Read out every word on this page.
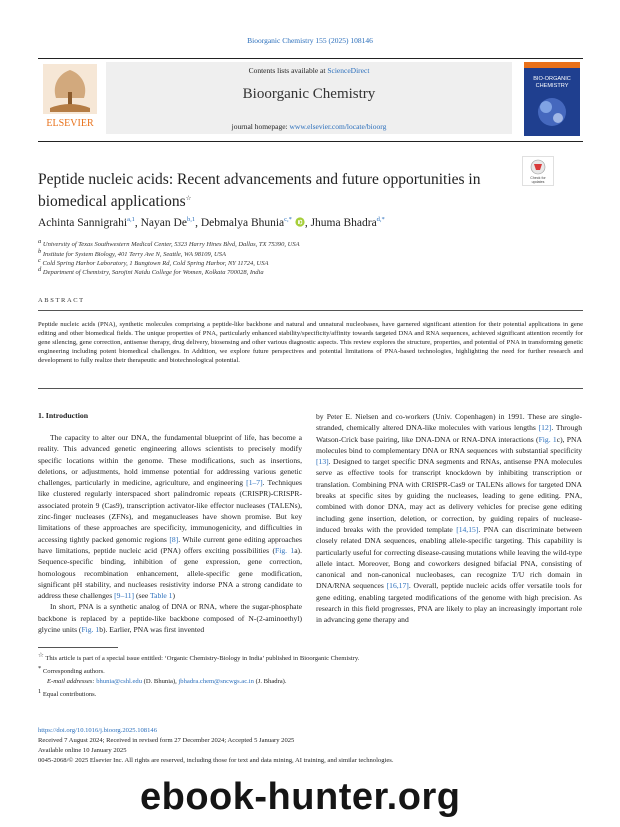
Bioorganic Chemistry 155 (2025) 108146
ELSEVIER
Contents lists available at ScienceDirect
Bioorganic Chemistry
journal homepage: www.elsevier.com/locate/bioorg
BIO-ORGANIC
CHEMISTRY
Peptide nucleic acids: Recent advancements and future opportunities in biomedical applications☆
Check for
updates
Achinta Sannigrahi$^{a,1}$, Nayan De$^{b,1}$, Debmalya Bhunia$^{c,*}$ , Jhuma Bhadra$^{d,*}$
$^a$ University of Texas Southwestern Medical Center, 5323 Harry Hines Blvd, Dallas, TX 75390, USA
$^b$ Institute for System Biology, 401 Terry Ave N, Seattle, WA 98109, USA
$^c$ Cold Spring Harbor Laboratory, 1 Bungtown Rd, Cold Spring Harbor, NY 11724, USA
$^d$ Department of Chemistry, Sarojini Naidu College for Women, Kolkata 700028, India
ABSTRACT
Peptide nucleic acids (PNA), synthetic molecules comprising a peptide-like backbone and natural and unnatural nucleobases, have garnered significant attention for their potential applications in gene editing and other biomedical fields. The unique properties of PNA, particularly enhanced stability/specificity/affinity towards targeted DNA and RNA sequences, achieved significant attention recently for gene silencing, gene correction, antisense therapy, drug delivery, biosensing and other various diagnostic aspects. This review explores the structure, properties, and potential of PNA in transforming genetic engineering including potent biomedical challenges. In Addition, we explore future perspectives and potential limitations of PNA-based technologies, highlighting the need for further research and development to fully realize their therapeutic and biotechnological potential.
1. Introduction

The capacity to alter our DNA, the fundamental blueprint of life, has become a reality. This advanced genetic engineering allows scientists to precisely modify specific locations within the genome. These modifications, such as insertions, deletions, or adjustments, hold immense potential for addressing various genetic challenges, particularly in medicine, agriculture, and engineering [1–7]. Techniques like clustered regularly interspaced short palindromic repeats (CRISPR)-CRISPR-associated protein 9 (Cas9), transcription activator-like effector nucleases (TALENs), zinc-finger nucleases (ZFNs), and meganucleases have shown promise. But key limitations of these approaches are specificity, immunogenicity, and difficulties in accessing tightly packed genomic regions [8]. While current gene editing approaches have limitations, peptide nucleic acid (PNA) offers exciting possibilities (Fig. 1a). Sequence-specific binding, inhibition of gene expression, gene correction, homologous recombination enhancement, allele-specific gene modification, significant pH stability, and nucleases resistivity indorse PNA a strong candidate to address these challenges [9–11] (see Table 1)

In short, PNA is a synthetic analog of DNA or RNA, where the sugar-phosphate backbone is replaced by a peptide-like backbone composed of N-(2-aminoethyl) glycine units (Fig. 1b). Earlier, PNA was first invented

by Peter E. Nielsen and co-workers (Univ. Copenhagen) in 1991. These are single-stranded, chemically altered DNA-like molecules with various lengths [12]. Through Watson-Crick base pairing, like DNA-DNA or RNA-DNA interactions (Fig. 1c), PNA molecules bind to complementary DNA or RNA sequences with substantial specificity [13]. Designed to target specific DNA segments and RNAs, antisense PNA molecules serve as effective tools for transcript knockdown by inhibiting transcription or translation. Combining PNA with CRISPR-Cas9 or TALENs allows for targeted DNA breaks at specific sites by guiding the nucleases, leading to gene editing. PNA, combined with donor DNA, may act as delivery vehicles for precise gene editing including gene insertion, deletion, or correction, by guiding repairs of nuclease-induced breaks with the provided template [14,15]. PNA can discriminate between closely related DNA sequences, enabling allele-specific targeting. This capability is particularly useful for correcting disease-causing mutations while leaving the wild-type allele intact. Moreover, Bong and coworkers designed bifacial PNA, consisting of canonical and non-canonical nucleobases, can recognize T/U rich domain in DNA/RNA sequences [16,17]. Overall, peptide nucleic acids offer versatile tools for gene editing, enabling targeted modifications of the genome with high precision. As research in this field progresses, PNA are likely to play an increasingly important role in advancing gene therapy and

☆ This article is part of a special issue entitled: ‘Organic Chemistry-Biology in India’ published in Bioorganic Chemistry.
* Corresponding authors.
E-mail addresses: bhunia@cshl.edu (D. Bhunia), jbhadra.chem@sncwgs.ac.in (J. Bhadra).
$^1$ Equal contributions.
https://doi.org/10.1016/j.bioorg.2025.108146
Received 7 August 2024; Received in revised form 27 December 2024; Accepted 5 January 2025
Available online 10 January 2025
0045-2068/© 2025 Elsevier Inc. All rights are reserved, including those for text and data mining, AI training, and similar technologies.
ebook-hunter.org
